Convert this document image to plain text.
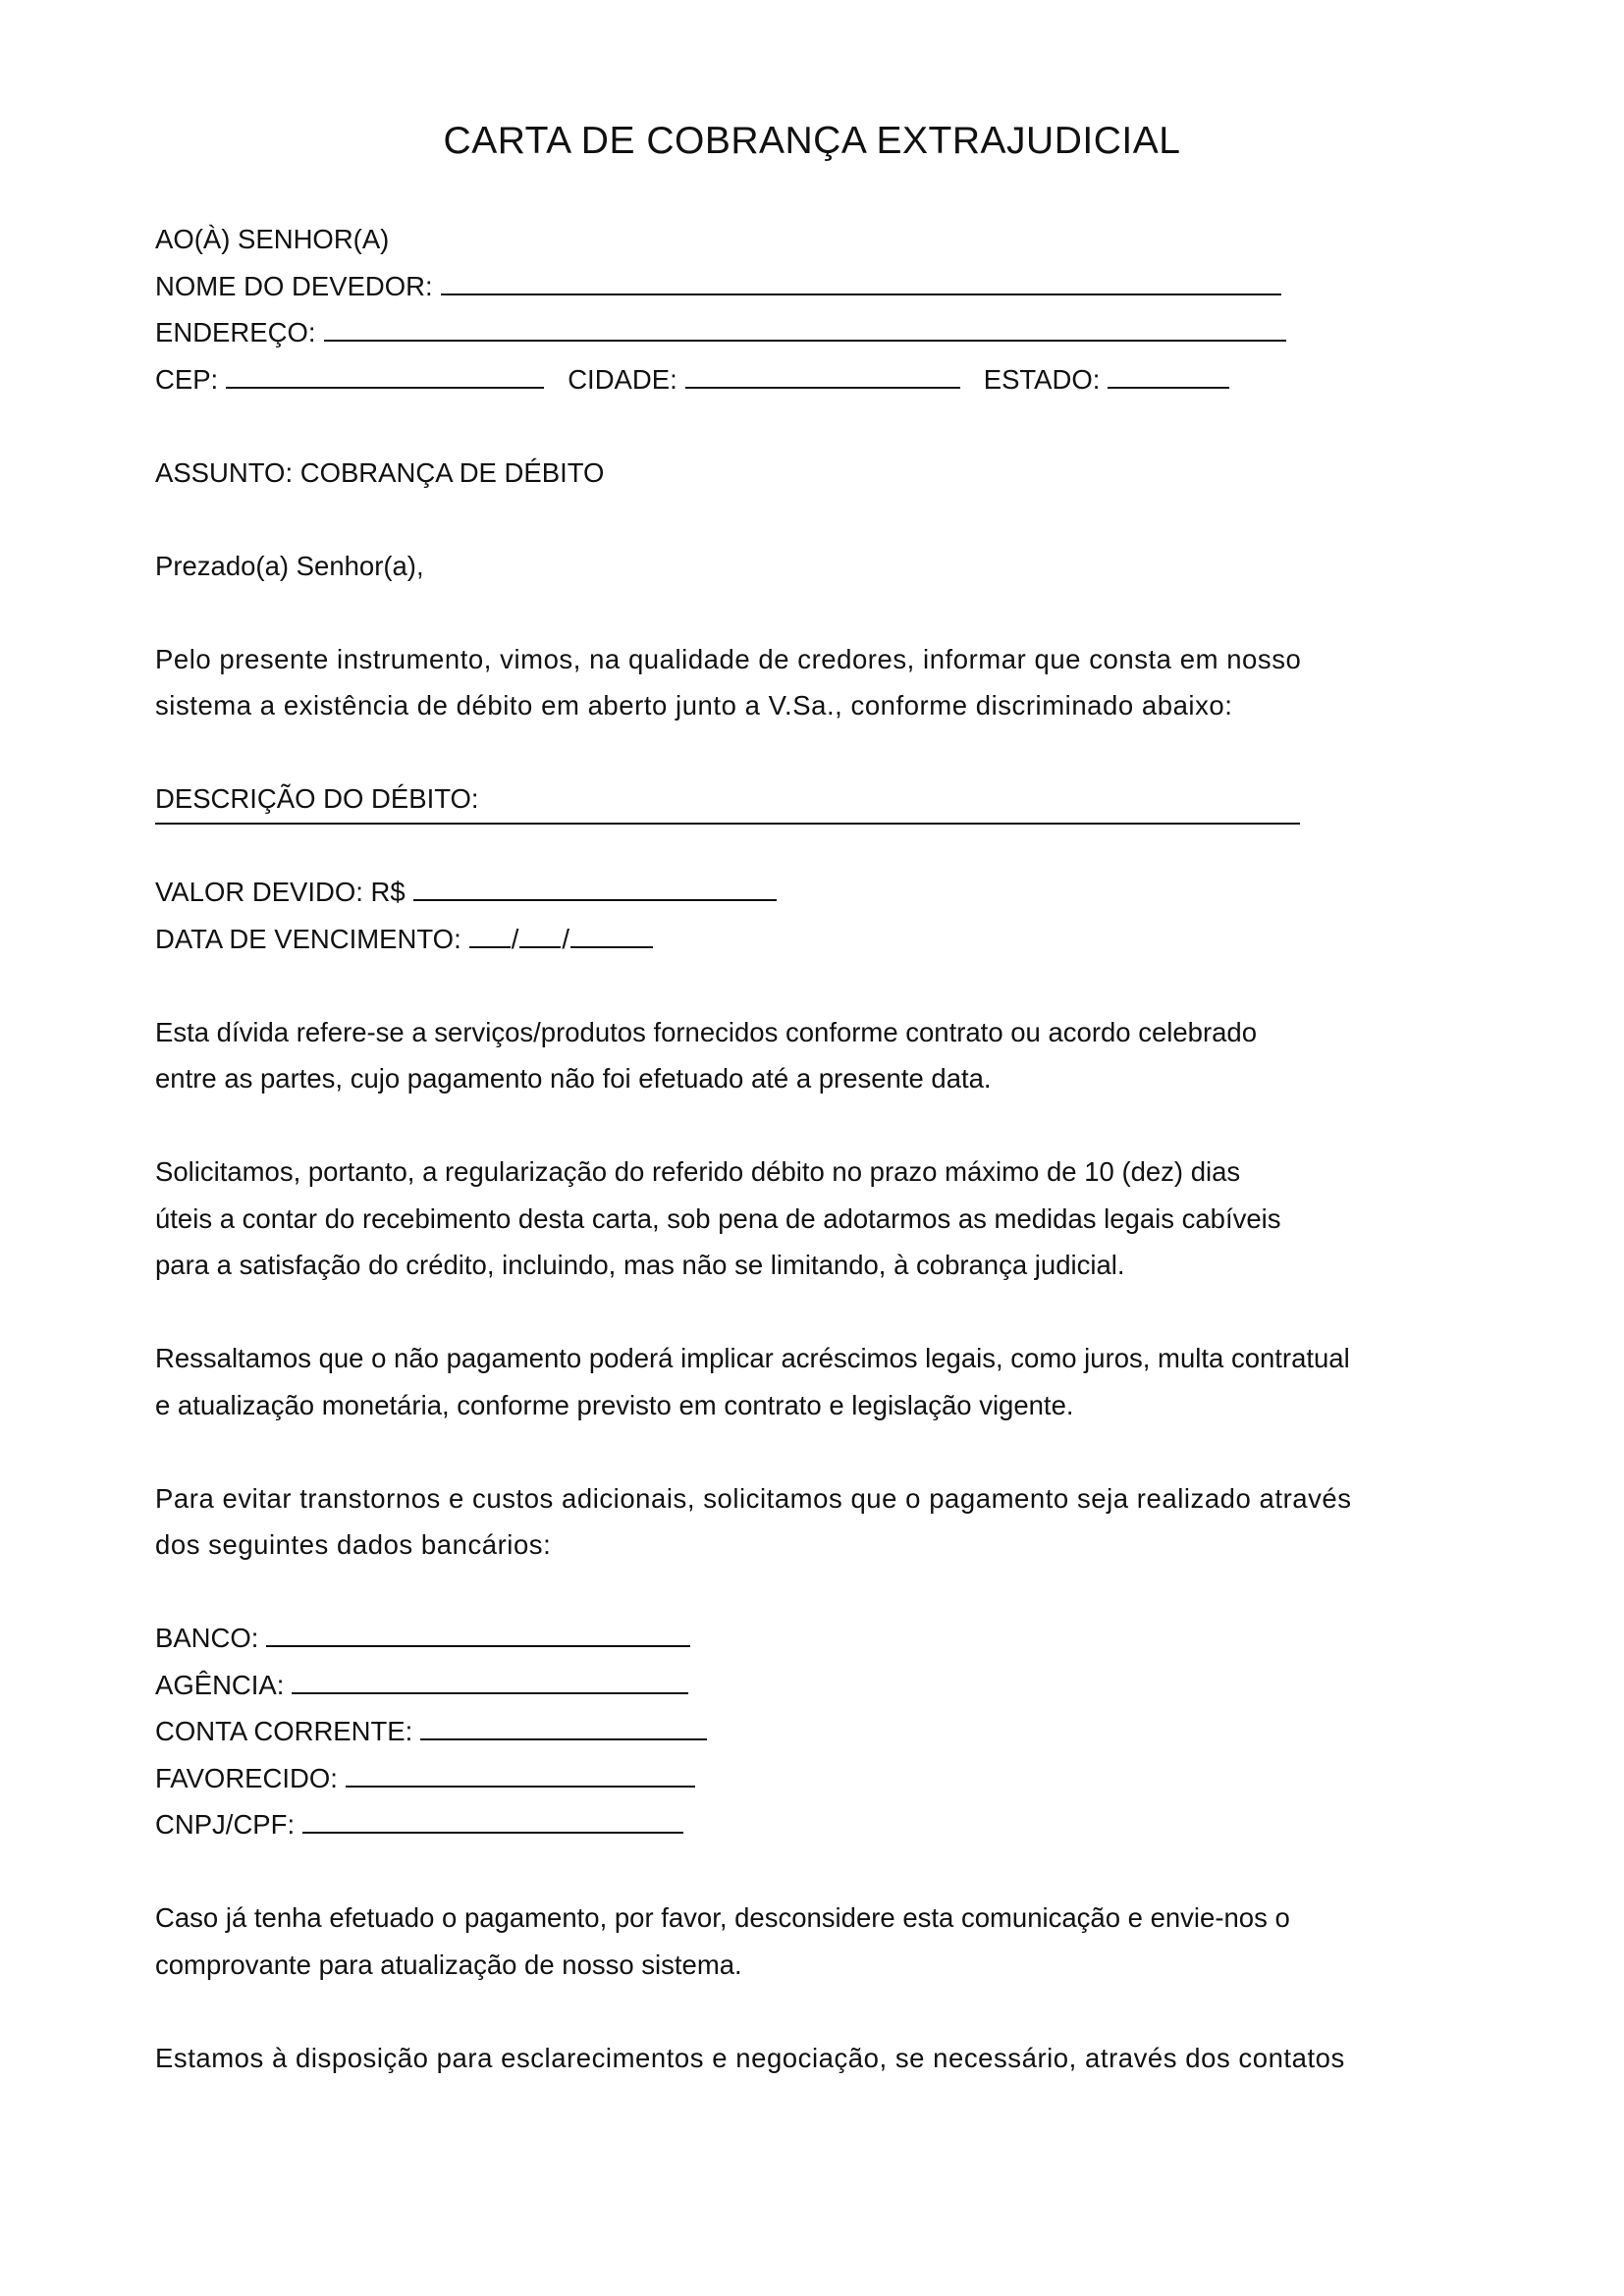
CARTA DE COBRANÇA EXTRAJUDICIAL
AO(À) SENHOR(A)
NOME DO DEVEDOR:
ENDEREÇO:
CEP:	CIDADE:	ESTADO:
ASSUNTO: COBRANÇA DE DÉBITO
Prezado(a) Senhor(a),
Pelo presente instrumento, vimos, na qualidade de credores, informar que consta em nosso
sistema a existência de débito em aberto junto a V.Sa., conforme discriminado abaixo:
DESCRIÇÃO DO DÉBITO:
VALOR DEVIDO: R$
DATA DE VENCIMENTO: / /
Esta dívida refere-se a serviços/produtos fornecidos conforme contrato ou acordo celebrado
entre as partes, cujo pagamento não foi efetuado até a presente data.
Solicitamos, portanto, a regularização do referido débito no prazo máximo de 10 (dez) dias
úteis a contar do recebimento desta carta, sob pena de adotarmos as medidas legais cabíveis
para a satisfação do crédito, incluindo, mas não se limitando, à cobrança judicial.
Ressaltamos que o não pagamento poderá implicar acréscimos legais, como juros, multa contratual
e atualização monetária, conforme previsto em contrato e legislação vigente.
Para evitar transtornos e custos adicionais, solicitamos que o pagamento seja realizado através
dos seguintes dados bancários:
BANCO:
AGÊNCIA:
CONTA CORRENTE:
FAVORECIDO:
CNPJ/CPF:
Caso já tenha efetuado o pagamento, por favor, desconsidere esta comunicação e envie-nos o
comprovante para atualização de nosso sistema.
Estamos à disposição para esclarecimentos e negociação, se necessário, através dos contatos
